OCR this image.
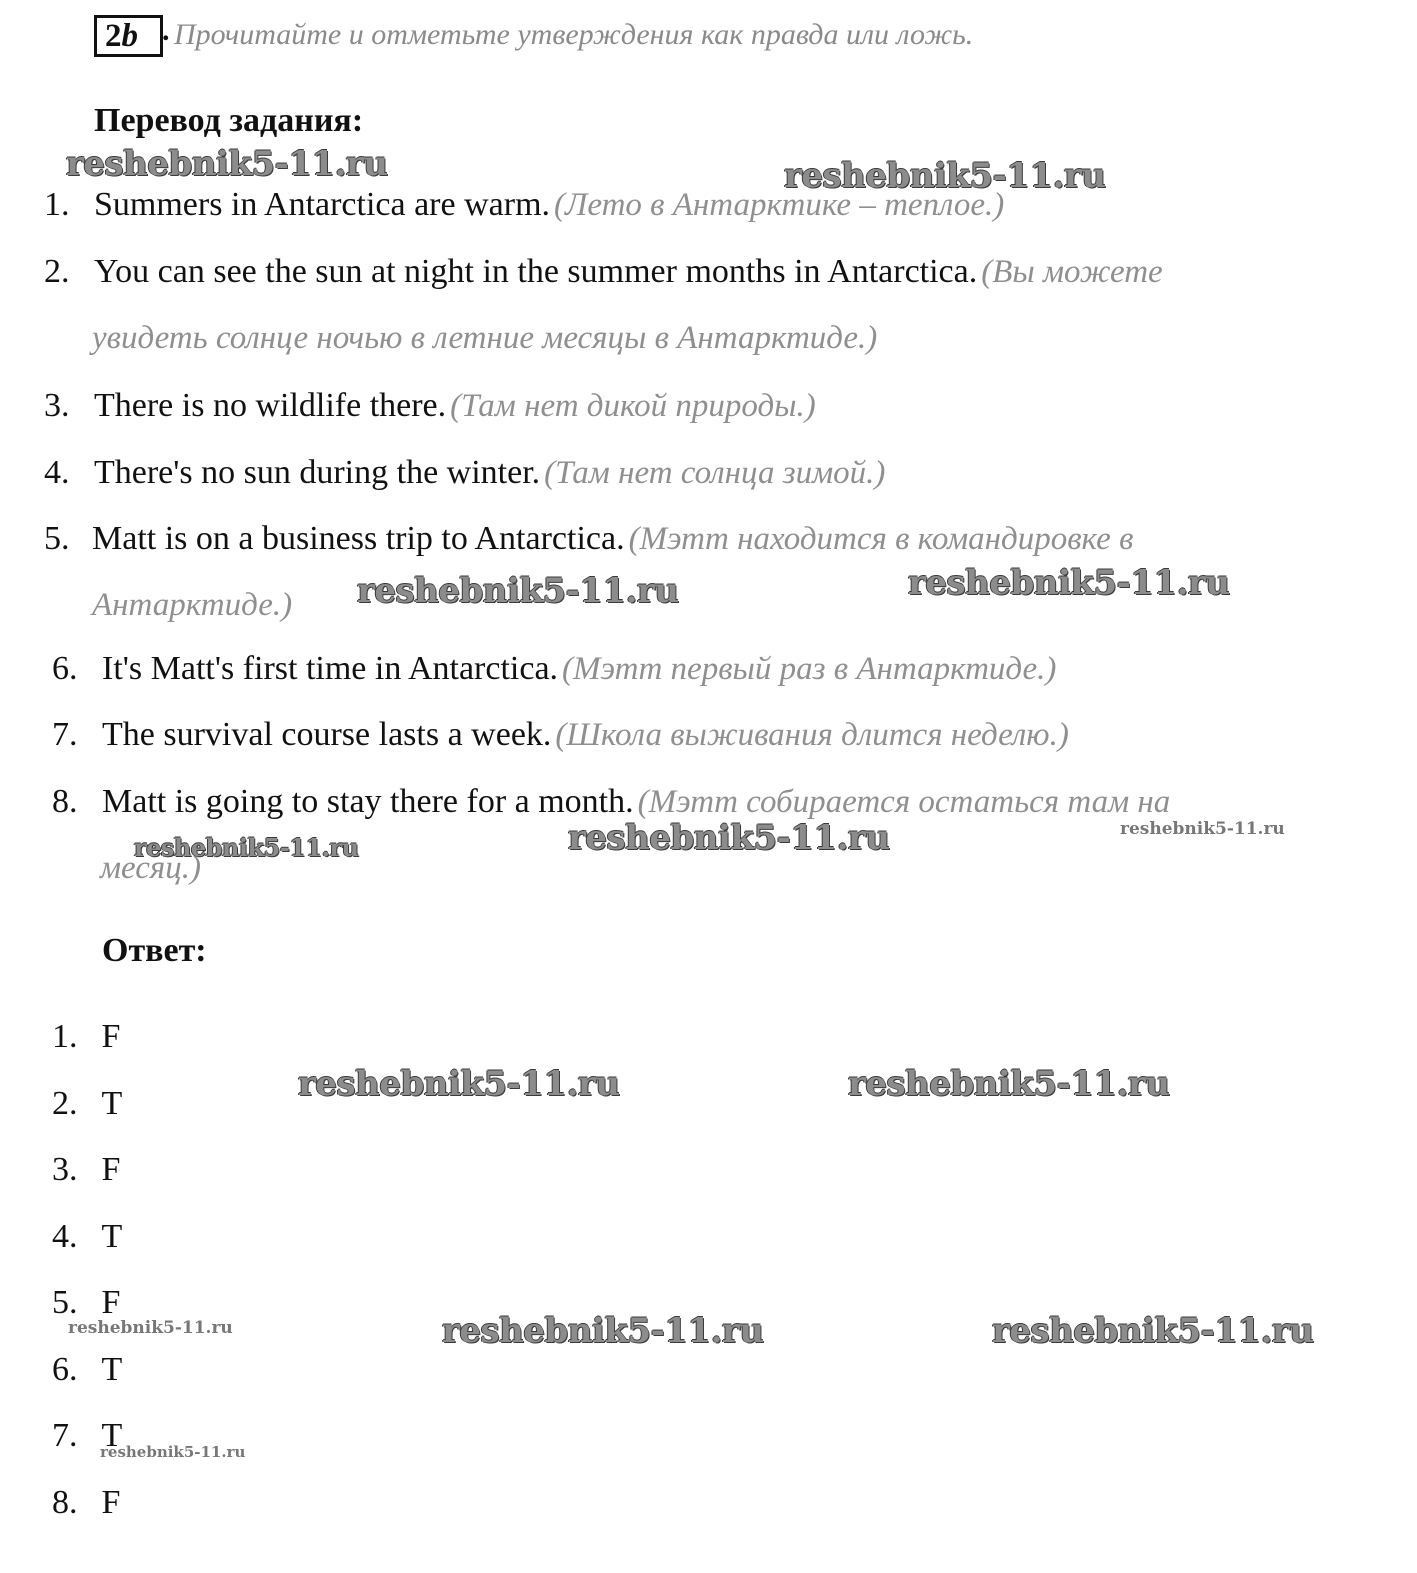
2b . Прочитайте и отметьте утверждения как правда или ложь.
Перевод задания:
1. Summers in Antarctica are warm. (Лето в Антарктике – теплое.)
2. You can see the sun at night in the summer months in Antarctica. (Вы можете
увидеть солнце ночью в летние месяцы в Антарктиде.)
3. There is no wildlife there. (Там нет дикой природы.)
4. There's no sun during the winter. (Там нет солнца зимой.)
5. Matt is on a business trip to Antarctica. (Мэтт находится в командировке в
Антарктиде.)
6. It's Matt's first time in Antarctica. (Мэтт первый раз в Антарктиде.)
7. The survival course lasts a week. (Школа выживания длится неделю.)
8. Matt is going to stay there for a month. (Мэтт собирается остаться там на
месяц.)
Ответ:
1. F
2. T
3. F
4. T
5. F
6. T
7. T
8. F
reshebnik5-11.ru	reshebnik5-11.ru
reshebnik5-11.ru	reshebnik5-11.ru
reshebnik5-11.ru	reshebnik5-11.ru	reshebnik5-11.ru
reshebnik5-11.ru	reshebnik5-11.ru
reshebnik5-11.ru	reshebnik5-11.ru	reshebnik5-11.ru
reshebnik5-11.ru
